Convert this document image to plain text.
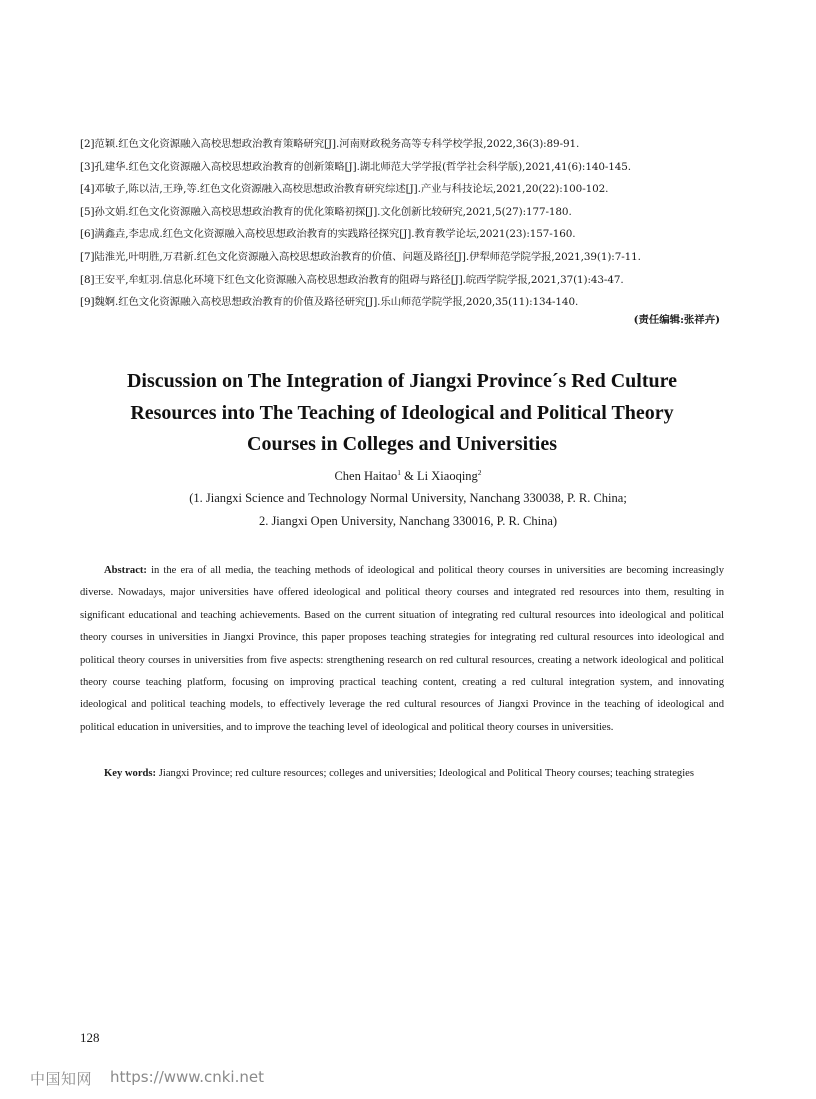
[2]范颖.红色文化资源融入高校思想政治教育策略研究[J].河南财政税务高等专科学校学报,2022,36(3):89-91.
[3]孔建华.红色文化资源融入高校思想政治教育的创新策略[J].湖北师范大学学报(哲学社会科学版),2021,41(6):140-145.
[4]邓敏子,陈以洁,王琤,等.红色文化资源融入高校思想政治教育研究综述[J].产业与科技论坛,2021,20(22):100-102.
[5]孙文娟.红色文化资源融入高校思想政治教育的优化策略初探[J].文化创新比较研究,2021,5(27):177-180.
[6]满鑫垚,李忠成.红色文化资源融入高校思想政治教育的实践路径探究[J].教育教学论坛,2021(23):157-160.
[7]陆淮光,叶明胜,万君新.红色文化资源融入高校思想政治教育的价值、问题及路径[J].伊犁师范学院学报,2021,39(1):7-11.
[8]王安平,牟虹羽.信息化环境下红色文化资源融入高校思想政治教育的阻碍与路径[J].皖西学院学报,2021,37(1):43-47.
[9]魏婀.红色文化资源融入高校思想政治教育的价值及路径研究[J].乐山师范学院学报,2020,35(11):134-140.
(责任编辑:张祥卉)
Discussion on The Integration of Jiangxi Province´s Red Culture
Resources into The Teaching of Ideological and Political Theory
Courses in Colleges and Universities
Chen Haitao$^1$ & Li Xiaoqing$^2$
(1. Jiangxi Science and Technology Normal University, Nanchang 330038, P. R. China;
2. Jiangxi Open University, Nanchang 330016, P. R. China)

Abstract: in the era of all media, the teaching methods of ideological and political theory courses in universities are becoming increasingly diverse. Nowadays, major universities have offered ideological and political theory courses and integrated red resources into them, resulting in significant educational and teaching achievements. Based on the current situation of integrating red cultural resources into ideological and political theory courses in universities in Jiangxi Province, this paper proposes teaching strategies for integrating red cultural resources into ideological and political theory courses in universities from five aspects: strengthening research on red cultural resources, creating a network ideological and political theory course teaching platform, focusing on improving practical teaching content, creating a red cultural integration system, and innovating ideological and political teaching models, to effectively leverage the red cultural resources of Jiangxi Province in the teaching of ideological and political education in universities, and to improve the teaching level of ideological and political theory courses in universities.

Key words: Jiangxi Province; red culture resources; colleges and universities; Ideological and Political Theory courses; teaching strategies

128
中国知网 https://www.cnki.net
